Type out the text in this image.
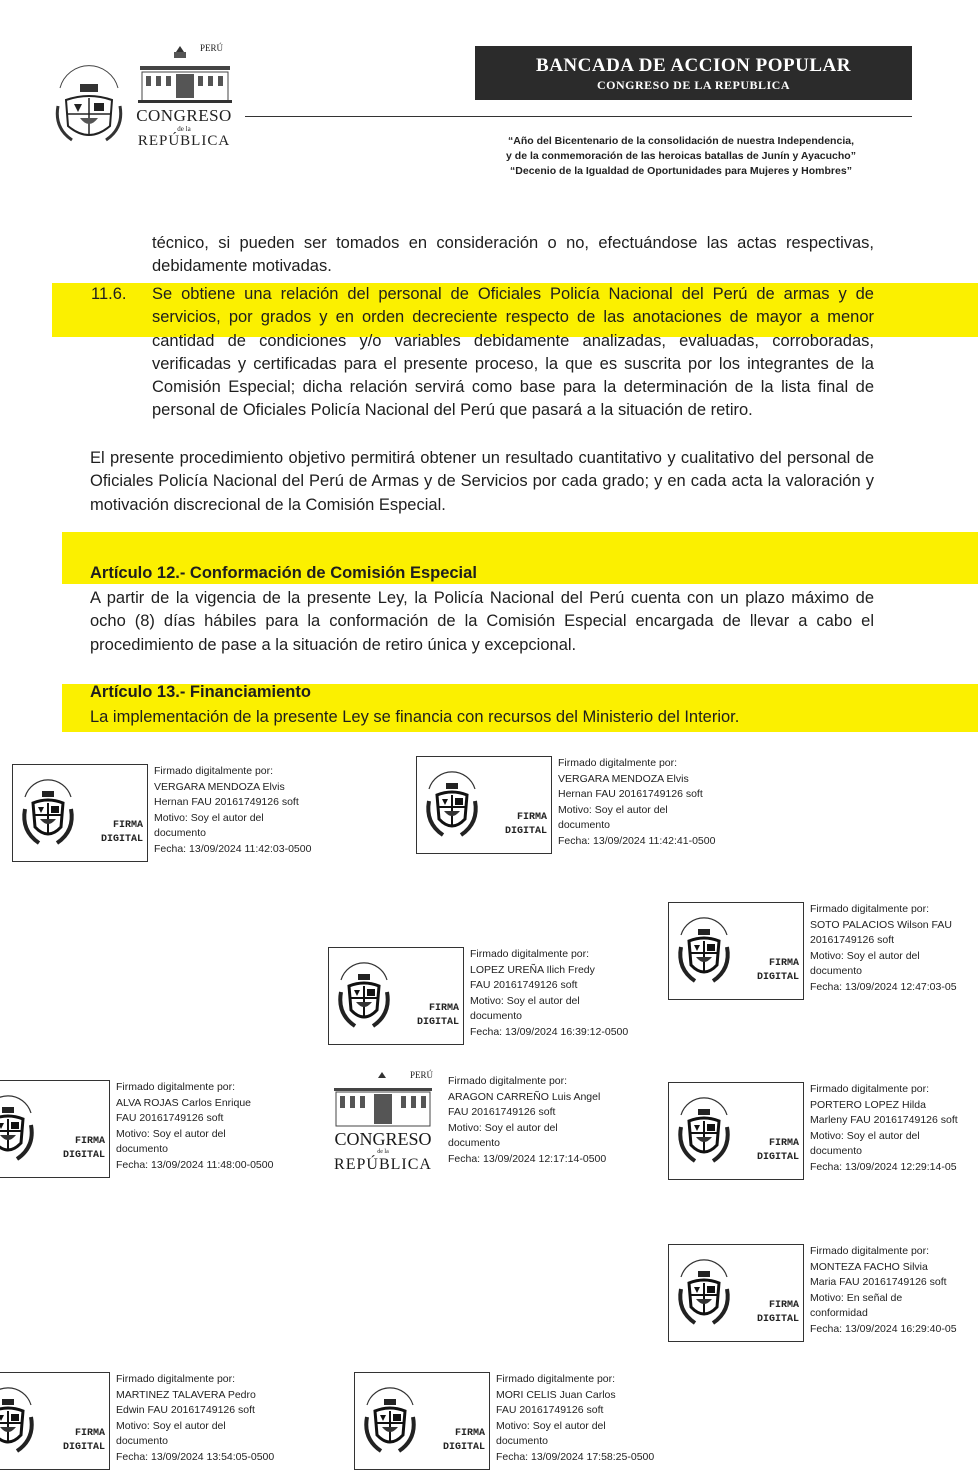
PERÚ
CONGRESO
de la
REPÚBLICA
BANCADA DE ACCION POPULAR
CONGRESO DE LA REPUBLICA
“Año del Bicentenario de la consolidación de nuestra Independencia,
y de la conmemoración de las heroicas batallas de Junín y Ayacucho”
“Decenio de la Igualdad de Oportunidades para Mujeres y Hombres”
técnico, si pueden ser tomados en consideración o no, efectuándose las actas respectivas, debidamente motivadas.
11.6. Se obtiene una relación del personal de Oficiales Policía Nacional del Perú de armas y de servicios, por grados y en orden decreciente respecto de las anotaciones de mayor a menor cantidad de condiciones y/o variables debidamente analizadas, evaluadas, corroboradas, verificadas y certificadas para el presente proceso, la que es suscrita por los integrantes de la Comisión Especial; dicha relación servirá como base para la determinación de la lista final de personal de Oficiales Policía Nacional del Perú que pasará a la situación de retiro.
El presente procedimiento objetivo permitirá obtener un resultado cuantitativo y cualitativo del personal de Oficiales Policía Nacional del Perú de Armas y de Servicios por cada grado; y en cada acta la valoración y motivación discrecional de la Comisión Especial.
Artículo 12.- Conformación de Comisión Especial
A partir de la vigencia de la presente Ley, la Policía Nacional del Perú cuenta con un plazo máximo de ocho (8) días hábiles para la conformación de la Comisión Especial encargada de llevar a cabo el procedimiento de pase a la situación de retiro única y excepcional.
Artículo 13.- Financiamiento
La implementación de la presente Ley se financia con recursos del Ministerio del Interior.
FIRMA
DIGITAL
Firmado digitalmente por:
VERGARA MENDOZA Elvis
Hernan FAU 20161749126 soft
Motivo: Soy el autor del
documento
Fecha: 13/09/2024 11:42:03-0500
FIRMA
DIGITAL
Firmado digitalmente por:
VERGARA MENDOZA Elvis
Hernan FAU 20161749126 soft
Motivo: Soy el autor del
documento
Fecha: 13/09/2024 11:42:41-0500
FIRMA
DIGITAL
Firmado digitalmente por:
SOTO PALACIOS Wilson FAU
20161749126 soft
Motivo: Soy el autor del
documento
Fecha: 13/09/2024 12:47:03-05
FIRMA
DIGITAL
Firmado digitalmente por:
LOPEZ UREÑA Ilich Fredy
FAU 20161749126 soft
Motivo: Soy el autor del
documento
Fecha: 13/09/2024 16:39:12-0500
FIRMA
DIGITAL
Firmado digitalmente por:
ALVA ROJAS Carlos Enrique
FAU 20161749126 soft
Motivo: Soy el autor del
documento
Fecha: 13/09/2024 11:48:00-0500
PERÚ
CONGRESO
de la
REPÚBLICA
Firmado digitalmente por:
ARAGON CARREÑO Luis Angel
FAU 20161749126 soft
Motivo: Soy el autor del
documento
Fecha: 13/09/2024 12:17:14-0500
FIRMA
DIGITAL
Firmado digitalmente por:
PORTERO LOPEZ Hilda
Marleny FAU 20161749126 soft
Motivo: Soy el autor del
documento
Fecha: 13/09/2024 12:29:14-05
FIRMA
DIGITAL
Firmado digitalmente por:
MONTEZA FACHO Silvia
Maria FAU 20161749126 soft
Motivo: En señal de
conformidad
Fecha: 13/09/2024 16:29:40-05
FIRMA
DIGITAL
Firmado digitalmente por:
MARTINEZ TALAVERA Pedro
Edwin FAU 20161749126 soft
Motivo: Soy el autor del
documento
Fecha: 13/09/2024 13:54:05-0500
FIRMA
DIGITAL
Firmado digitalmente por:
MORI CELIS Juan Carlos
FAU 20161749126 soft
Motivo: Soy el autor del
documento
Fecha: 13/09/2024 17:58:25-0500
